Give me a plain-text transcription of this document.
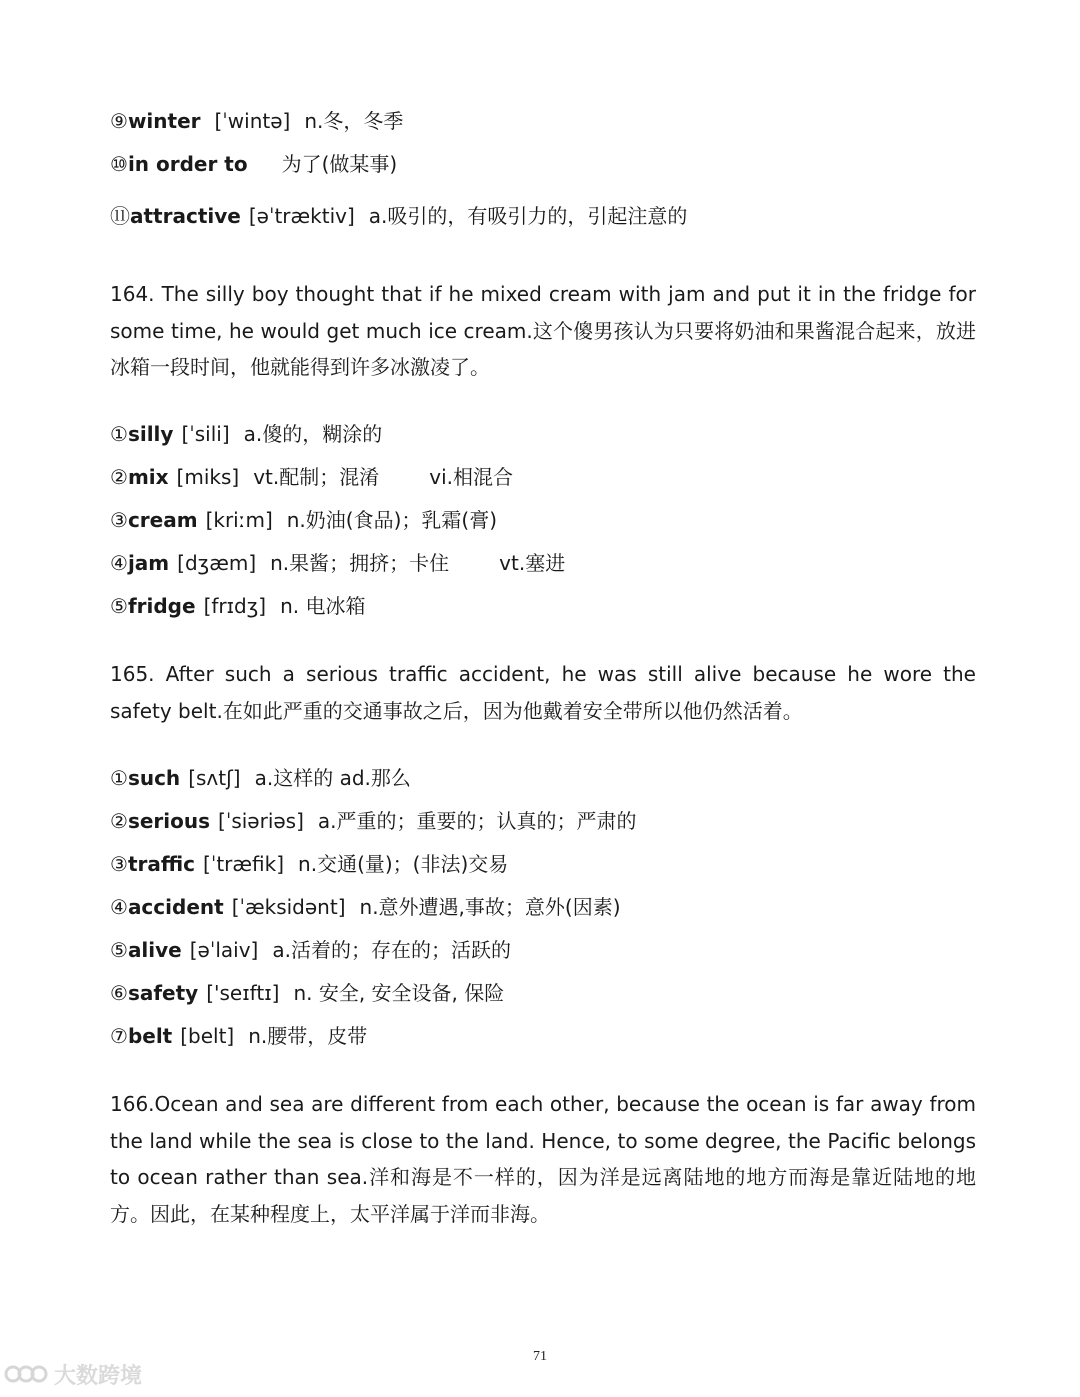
⑨winter [ˈwintə] n.冬，冬季
⑩in order to 为了(做某事)
⑪attractive [əˈtræktiv] a.吸引的，有吸引力的，引起注意的
164. The silly boy thought that if he mixed cream with jam and put it in the fridge for some time, he would get much ice cream.这个傻男孩认为只要将奶油和果酱混合起来，放进冰箱一段时间，他就能得到许多冰激凌了。
①silly [ˈsili] a.傻的，糊涂的
②mix [miks] vt.配制；混淆	vi.相混合
③cream [kriːm] n.奶油(食品)；乳霜(膏)
④jam [dʒæm] n.果酱；拥挤；卡住	vt.塞进
⑤fridge [frɪdʒ] n. 电冰箱
165. After such a serious traffic accident, he was still alive because he wore the safety belt.在如此严重的交通事故之后，因为他戴着安全带所以他仍然活着。
①such [sʌtʃ] a.这样的 ad.那么
②serious [ˈsiəriəs] a.严重的；重要的；认真的；严肃的
③traffic [ˈtræfik] n.交通(量)；(非法)交易
④accident [ˈæksidənt] n.意外遭遇,事故；意外(因素)
⑤alive [əˈlaiv] a.活着的；存在的；活跃的
⑥safety ['seɪftɪ] n. 安全, 安全设备, 保险
⑦belt [belt] n.腰带，皮带
166.Ocean and sea are different from each other, because the ocean is far away from the land while the sea is close to the land. Hence, to some degree, the Pacific belongs to ocean rather than sea.洋和海是不一样的，因为洋是远离陆地的地方而海是靠近陆地的地方。因此，在某种程度上，太平洋属于洋而非海。
71
大数跨境
